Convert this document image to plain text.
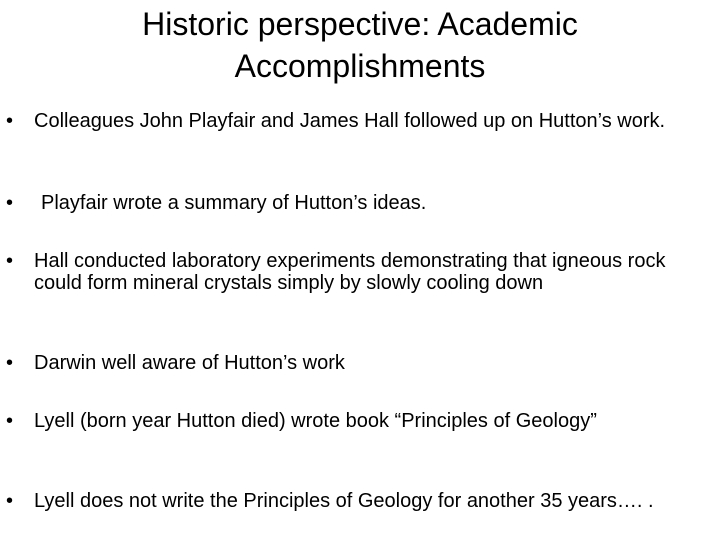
Historic perspective: Academic Accomplishments
• Colleagues John Playfair and James Hall followed up on Hutton’s work.
• Playfair wrote a summary of Hutton’s ideas.
• Hall conducted laboratory experiments demonstrating that igneous rock could form mineral crystals simply by slowly cooling down
• Darwin well aware of Hutton’s work
• Lyell (born year Hutton died) wrote book “Principles of Geology”
• Lyell does not write the Principles of Geology for another 35 years…. .
